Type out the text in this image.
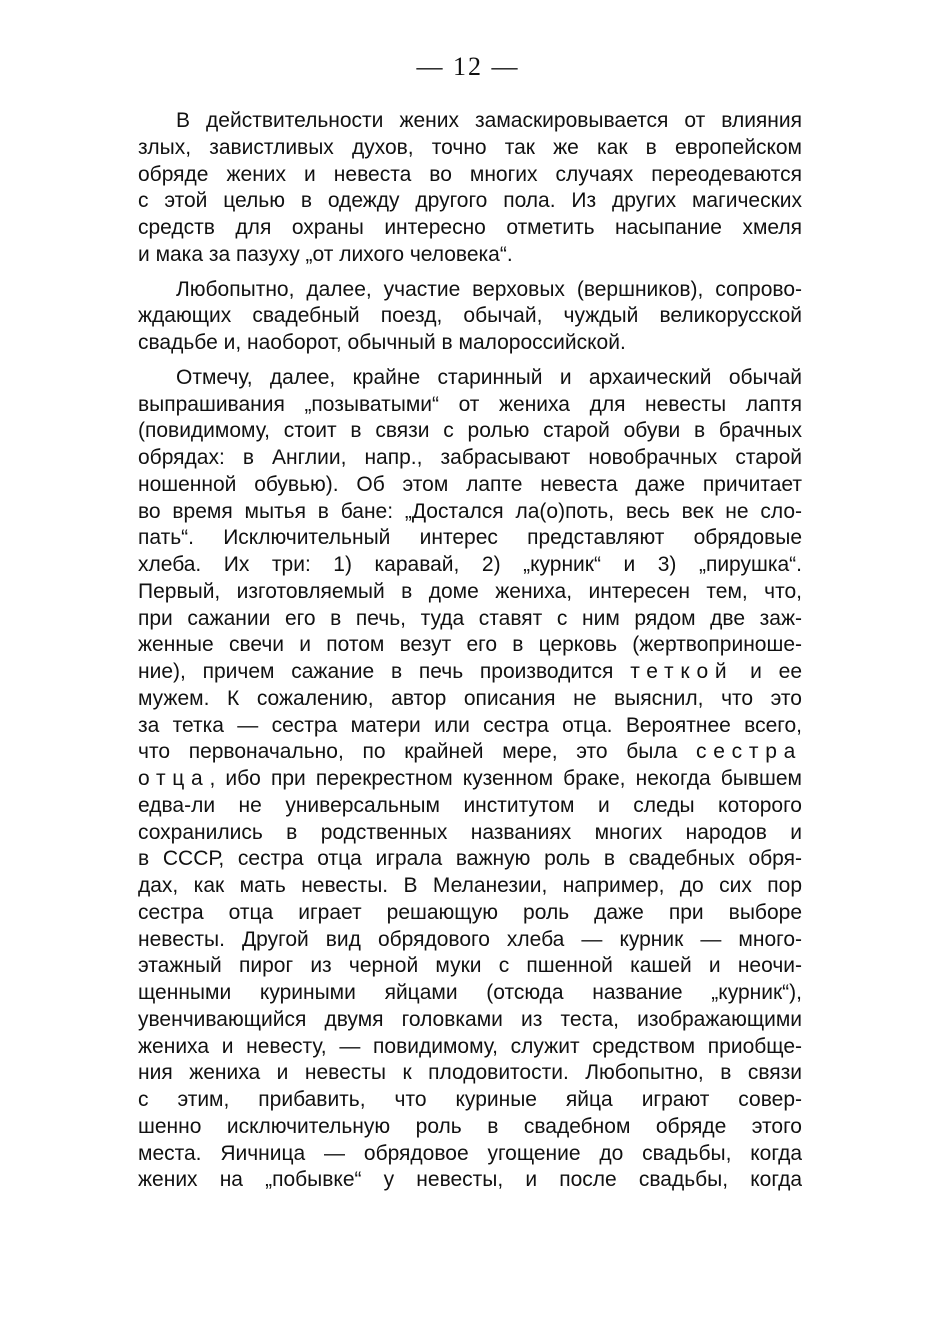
— 12 —
В действительности жених замаскировывается от влияния
злых, завистливых духов, точно так же как в европейском
обряде жених и невеста во многих случаях переодеваются
с этой целью в одежду другого пола. Из других магических
средств для охраны интересно отметить насыпание хмеля
и мака за пазуху „от лихого человека“.
Любопытно, далее, участие верховых (вершников), сопрово-
ждающих свадебный поезд, обычай, чуждый великорусской
свадьбе и, наоборот, обычный в малороссийской.
Отмечу, далее, крайне старинный и архаический обычай
выпрашивания „позыватыми“ от жениха для невесты лаптя
(повидимому, стоит в связи с ролью старой обуви в брачных
обрядах: в Англии, напр., забрасывают новобрачных старой
ношенной обувью). Об этом лапте невеста даже причитает
во время мытья в бане: „Достался ла(о)поть, весь век не сло-
пать“. Исключительный интерес представляют обрядовые
хлеба. Их три: 1) каравай, 2) „курник“ и 3) „пирушка“.
Первый, изготовляемый в доме жениха, интересен тем, что,
при сажании его в печь, туда ставят с ним рядом две заж-
женные свечи и потом везут его в церковь (жертвоприноше-
ние), причем сажание в печь производится теткой и ее
мужем. К сожалению, автор описания не выяснил, что это
за тетка — сестра матери или сестра отца. Вероятнее всего,
что первоначально, по крайней мере, это была сестра
отца, ибо при перекрестном кузенном браке, некогда бывшем
едва-ли не универсальным институтом и следы которого
сохранились в родственных названиях многих народов и
в СССР, сестра отца играла важную роль в свадебных обря-
дах, как мать невесты. В Меланезии, например, до сих пор
сестра отца играет решающую роль даже при выборе
невесты. Другой вид обрядового хлеба — курник — много-
этажный пирог из черной муки с пшенной кашей и неочи-
щенными куриными яйцами (отсюда название „курник“),
увенчивающийся двумя головками из теста, изображающими
жениха и невесту, — повидимому, служит средством приобще-
ния жениха и невесты к плодовитости. Любопытно, в связи
с этим, прибавить, что куриные яйца играют совер-
шенно исключительную роль в свадебном обряде этого
места. Яичница — обрядовое угощение до свадьбы, когда
жених на „побывке“ у невесты, и после свадьбы, когда
